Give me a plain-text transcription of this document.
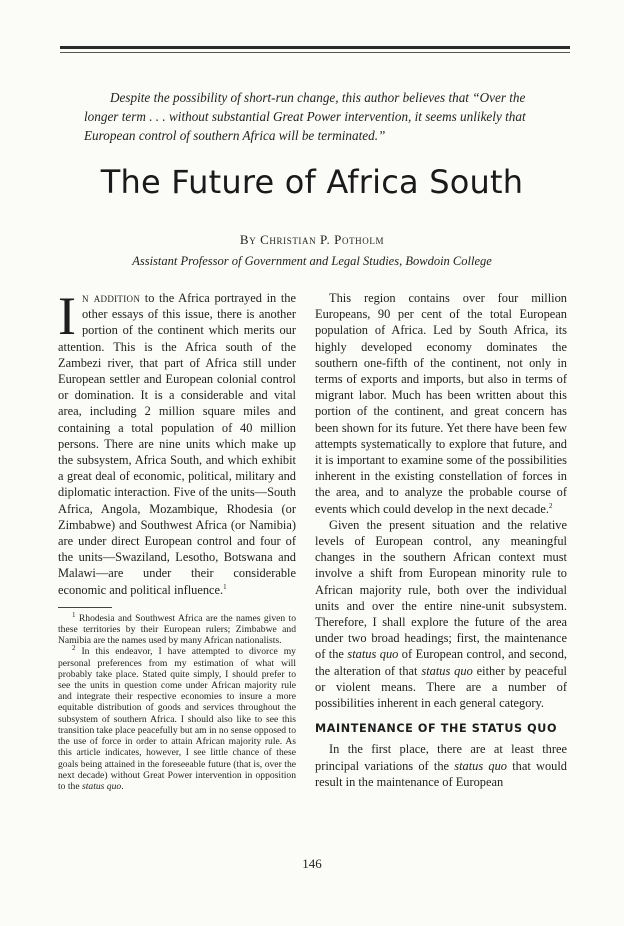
Despite the possibility of short-run change, this author believes that “Over the longer term . . . without substantial Great Power intervention, it seems unlikely that European control of southern Africa will be terminated.”

The Future of Africa South

By Christian P. Potholm

Assistant Professor of Government and Legal Studies, Bowdoin College

In addition to the Africa portrayed in the other essays of this issue, there is another portion of the continent which merits our attention. This is the Africa south of the Zambezi river, that part of Africa still under European settler and European colonial control or domination. It is a considerable and vital area, including 2 million square miles and containing a total population of 40 million persons. There are nine units which make up the subsystem, Africa South, and which exhibit a great deal of economic, political, military and diplomatic interaction. Five of the units—South Africa, Angola, Mozambique, Rhodesia (or Zimbabwe) and Southwest Africa (or Namibia) are under direct European control and four of the units—Swaziland, Lesotho, Botswana and Malawi—are under their considerable economic and political influence.$^1$

$^1$ Rhodesia and Southwest Africa are the names given to these territories by their European rulers; Zimbabwe and Namibia are the names used by many African nationalists.

$^2$ In this endeavor, I have attempted to divorce my personal preferences from my estimation of what will probably take place. Stated quite simply, I should prefer to see the units in question come under African majority rule and integrate their respective economies to insure a more equitable distribution of goods and services throughout the subsystem of southern Africa. I should also like to see this transition take place peacefully but am in no sense opposed to the use of force in order to attain African majority rule. As this article indicates, however, I see little chance of these goals being attained in the foreseeable future (that is, over the next decade) without Great Power intervention in opposition to the status quo.

This region contains over four million Europeans, 90 per cent of the total European population of Africa. Led by South Africa, its highly developed economy dominates the southern one-fifth of the continent, not only in terms of exports and imports, but also in terms of migrant labor. Much has been written about this portion of the continent, and great concern has been shown for its future. Yet there have been few attempts systematically to explore that future, and it is important to examine some of the possibilities inherent in the existing constellation of forces in the area, and to analyze the probable course of events which could develop in the next decade.$^2$

Given the present situation and the relative levels of European control, any meaningful changes in the southern African context must involve a shift from European minority rule to African majority rule, both over the individual units and over the entire nine-unit subsystem. Therefore, I shall explore the future of the area under two broad headings; first, the maintenance of the status quo of European control, and second, the alteration of that status quo either by peaceful or violent means. There are a number of possibilities inherent in each general category.

MAINTENANCE OF THE STATUS QUO

In the first place, there are at least three principal variations of the status quo that would result in the maintenance of European

146
